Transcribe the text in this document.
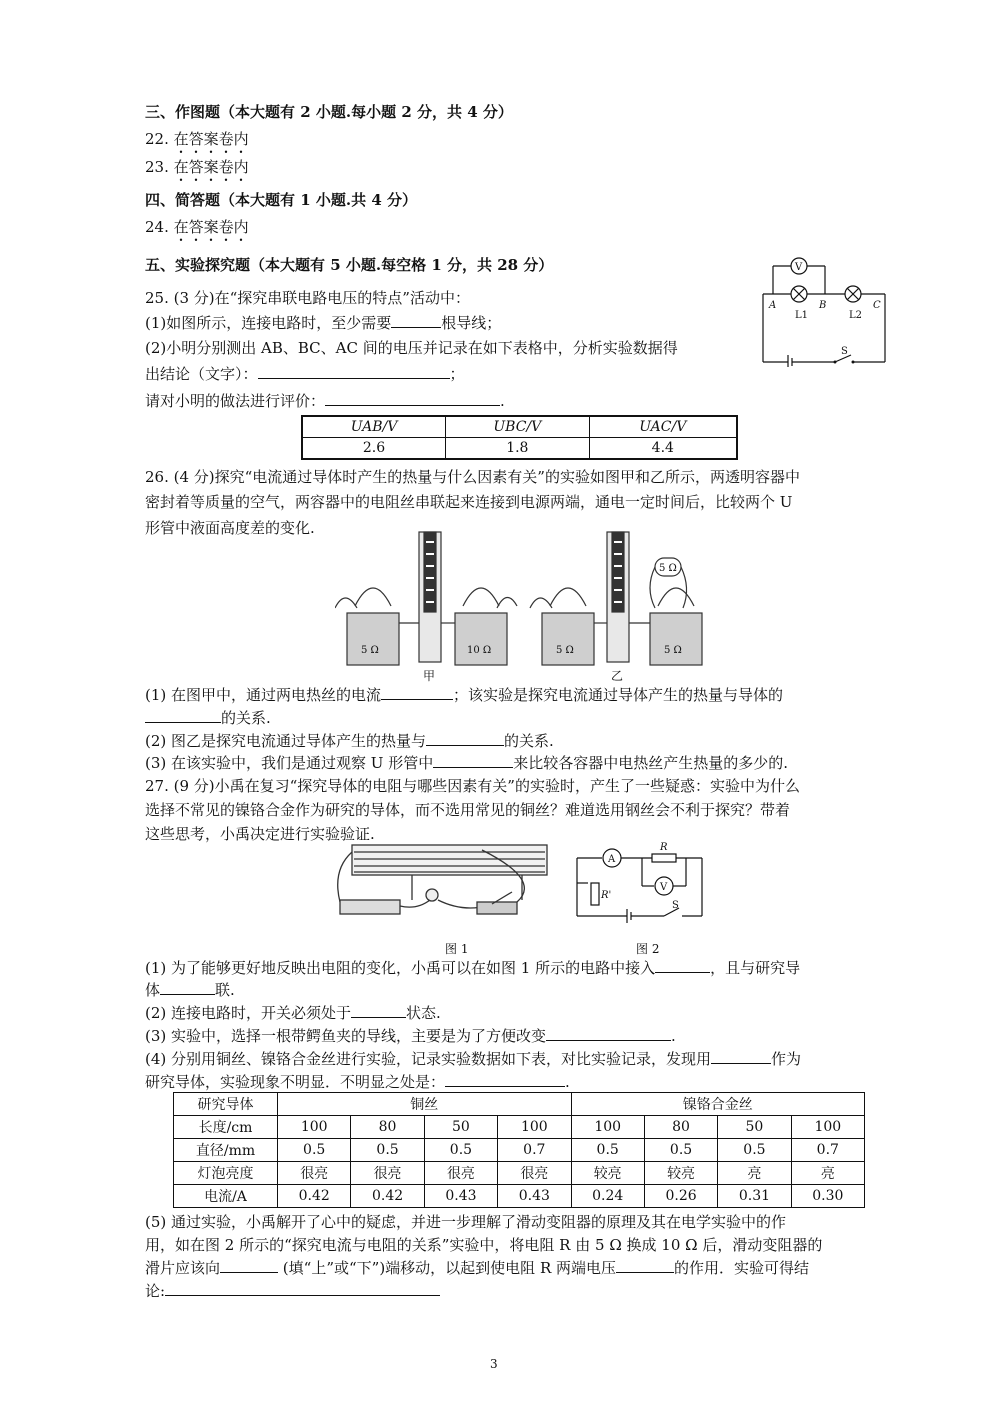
三、作图题（本大题有 2 小题.每小题 2 分，共 4 分）
22. 在答案卷内
23. 在答案卷内
四、简答题（本大题有 1 小题.共 4 分）
24. 在答案卷内
五、实验探究题（本大题有 5 小题.每空格 1 分，共 28 分）
25. (3 分)在“探究串联电路电压的特点”活动中：
(1)如图所示，连接电路时，至少需要	根导线；
(2)小明分别测出 AB、BC、AC 间的电压并记录在如下表格中，分析实验数据得
出结论（文字）：	；
请对小明的做法进行评价：	.
V
A	B	C
L1	L2
S
UAB/V	UBC/V	UAC/V
2.6	1.8	4.4
26. (4 分)探究“电流通过导体时产生的热量与什么因素有关”的实验如图甲和乙所示，两透明容器中
密封着等质量的空气，两容器中的电阻丝串联起来连接到电源两端，通电一定时间后，比较两个 U
形管中液面高度差的变化.
5 Ω	10 Ω	5 Ω	5 Ω
5 Ω
甲	乙
(1) 在图甲中，通过两电热丝的电流	；该实验是探究电流通过导体产生的热量与导体的
的关系.
(2) 图乙是探究电流通过导体产生的热量与	的关系.
(3) 在该实验中，我们是通过观察 U 形管中	来比较各容器中电热丝产生热量的多少的.
27. (9 分)小禹在复习“探究导体的电阻与哪些因素有关”的实验时，产生了一些疑惑：实验中为什么
选择不常见的镍铬合金作为研究的导体，而不选用常见的铜丝？难道选用钢丝会不利于探究？带着
这些思考，小禹决定进行实验验证.
图 1
A
V
R
R'
S
图 2
(1) 为了能够更好地反映出电阻的变化，小禹可以在如图 1 所示的电路中接入	，且与研究导
体	联.
(2) 连接电路时，开关必须处于	状态.
(3) 实验中，选择一根带鳄鱼夹的导线，主要是为了方便改变	.
(4) 分别用铜丝、镍铬合金丝进行实验，记录实验数据如下表，对比实验记录，发现用	作为
研究导体，实验现象不明显．不明显之处是：	.
研究导体	铜丝				镍铬合金丝			
长度/cm	100	80	50	100	100	80	50	100
直径/mm	0.5	0.5	0.5	0.7	0.5	0.5	0.5	0.7
灯泡亮度	很亮	很亮	很亮	很亮	较亮	较亮	亮	亮
电流/A	0.42	0.42	0.43	0.43	0.24	0.26	0.31	0.30
(5) 通过实验，小禹解开了心中的疑虑，并进一步理解了滑动变阻器的原理及其在电学实验中的作
用，如在图 2 所示的“探究电流与电阻的关系”实验中，将电阻 R 由 5 Ω 换成 10 Ω 后，滑动变阻器的
滑片应该向	(填“上”或“下”)端移动，以起到使电阻 R 两端电压	的作用．实验可得结
论:
3
